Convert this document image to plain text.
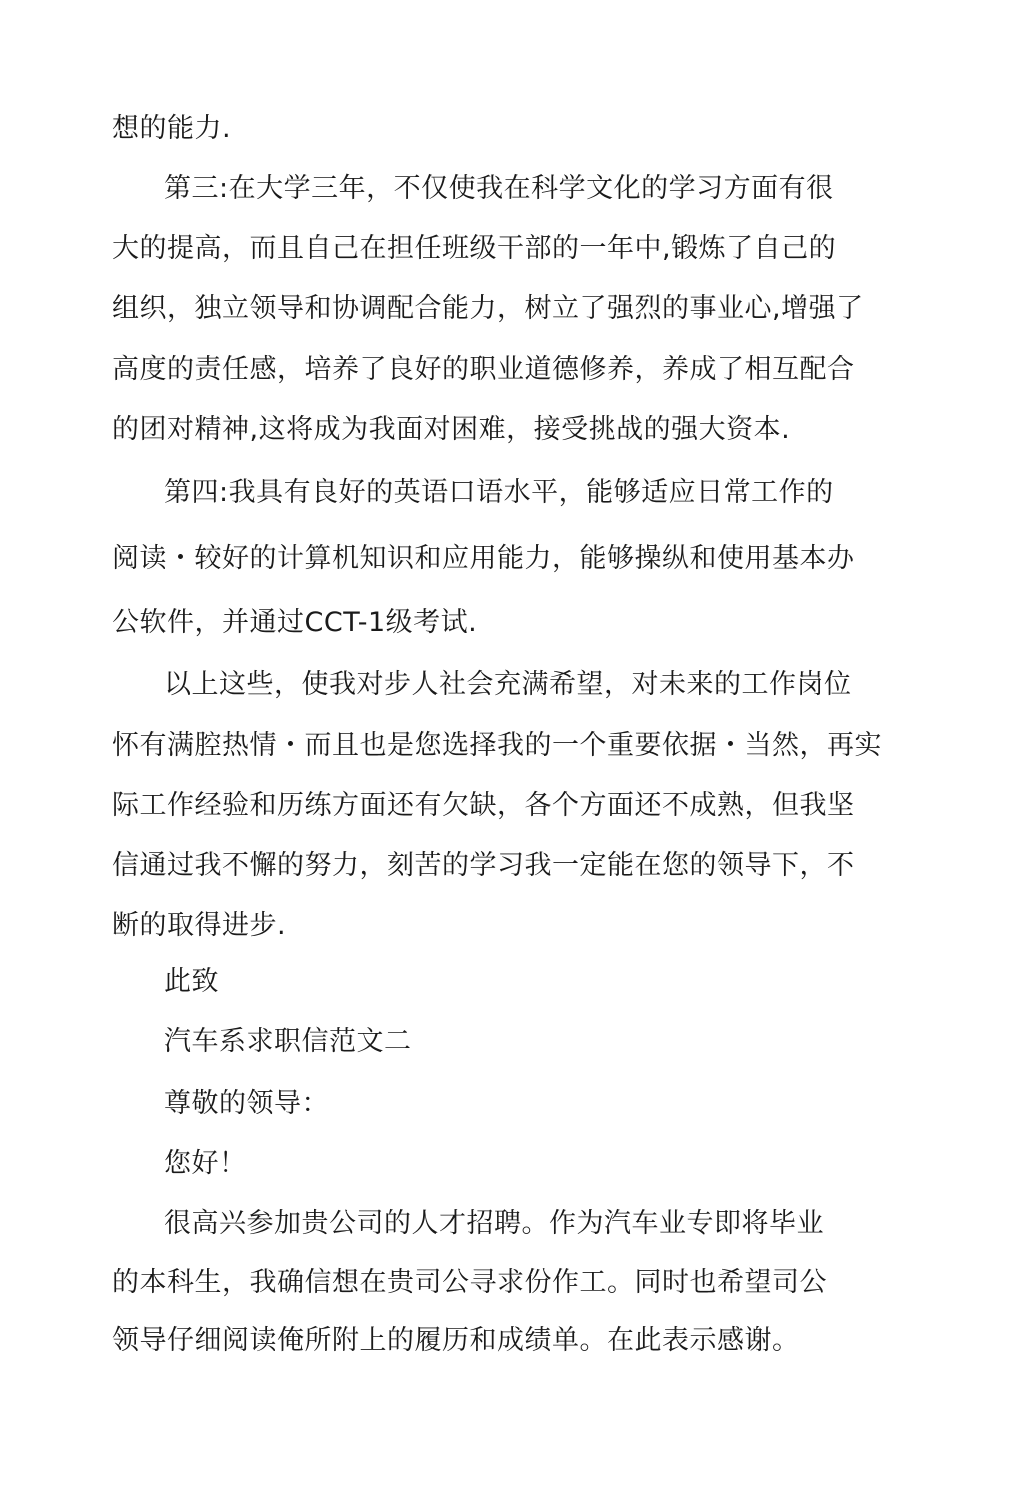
想的能力.
第三:在大学三年，不仅使我在科学文化的学习方面有很
大的提高，而且自己在担任班级干部的一年中,锻炼了自己的
组织，独立领导和协调配合能力，树立了强烈的事业心,增强了
高度的责任感，培养了良好的职业道德修养，养成了相互配合
的团对精神,这将成为我面对困难，接受挑战的强大资本.
第四:我具有良好的英语口语水平，能够适应日常工作的
阅读・较好的计算机知识和应用能力，能够操纵和使用基本办
公软件，并通过CCT-1级考试.
以上这些，使我对步人社会充满希望，对未来的工作岗位
怀有满腔热情・而且也是您选择我的一个重要依据・当然，再实
际工作经验和历练方面还有欠缺，各个方面还不成熟，但我坚
信通过我不懈的努力，刻苦的学习我一定能在您的领导下，不
断的取得进步.
此致
汽车系求职信范文二
尊敬的领导：
您好！
很高兴参加贵公司的人才招聘。作为汽车业专即将毕业
的本科生，我确信想在贵司公寻求份作工。同时也希望司公
领导仔细阅读俺所附上的履历和成绩单。在此表示感谢。
